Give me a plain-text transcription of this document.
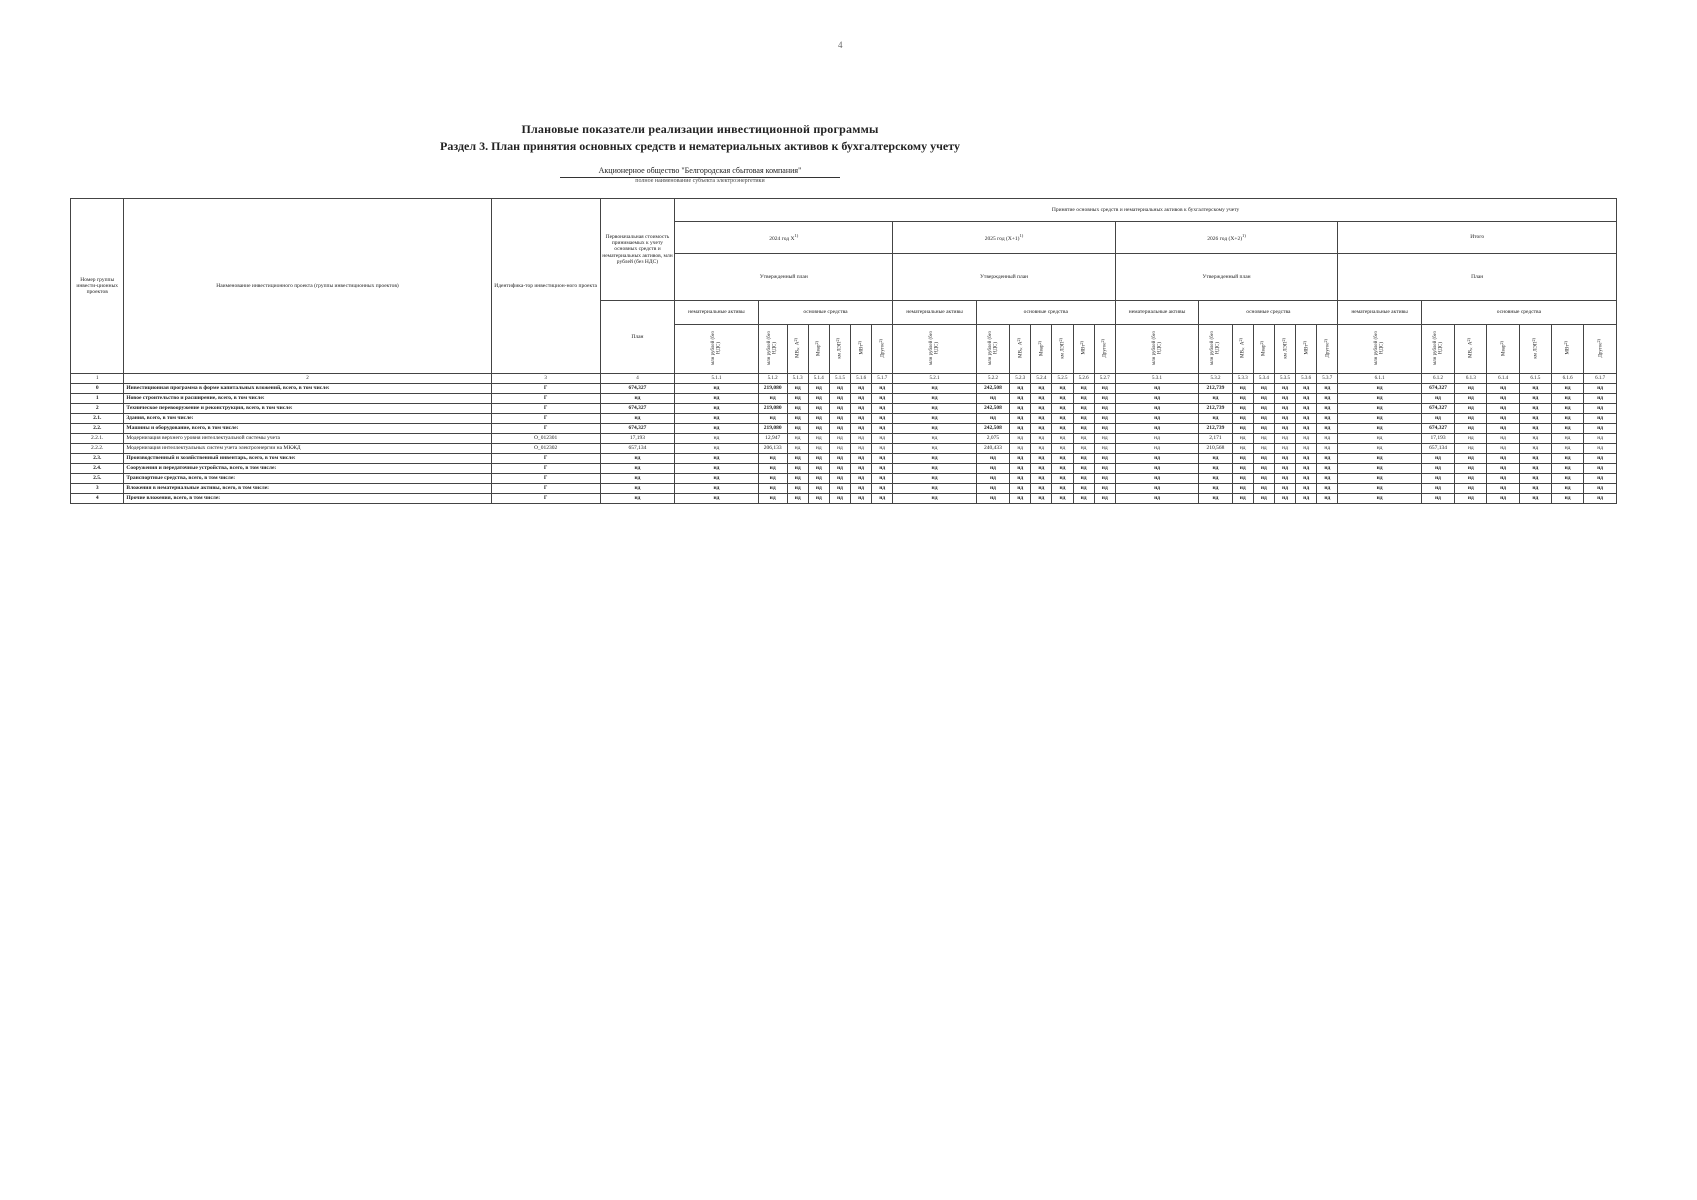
4
Плановые показатели реализации инвестиционной программы
Раздел 3. План принятия основных средств и нематериальных активов к бухгалтерскому учету
Акционерное общество "Белгородская сбытовая компания"
полное наименование субъекта электроэнергетики
Номер группы инвести-ционных проектов	Наименование инвестиционного проекта (группы инвестиционных проектов)	Идентифика-тор инвестицион-ного проекта	Первоначальная стоимость принимаемых к учету основных средств и нематериальных активов, млн рублей (без НДС)	Принятие основных средств и нематериальных активов к бухгалтерскому учету																											
				2024 год $X^{1)}$							2025 год $(X+1)^{1)}$							2026 год $(X+2)^{1)}$							Итого						
				Утвержденный план							Утвержденный план							Утвержденный план							План						
			План	нематериальные активы	основные средства						нематериальные активы	основные средства						нематериальные активы	основные средства						нематериальные активы	основные средства					
				млн рублей (без НДС)	млн рублей (без НДС)	$МВ\times А^{2)}$	Мвар$^{2)}$	км ЛЭП$^{2)}$	МВт$^{2)}$	Другое$^{2)}$	млн рублей (без НДС)	млн рублей (без НДС)	$МВ\times А^{2)}$	Мвар$^{2)}$	км ЛЭП$^{2)}$	МВт$^{2)}$	Другое$^{2)}$	млн рублей (без НДС)	млн рублей (без НДС)	$МВ\times А^{2)}$	Мвар$^{2)}$	км ЛЭП$^{2)}$	МВт$^{2)}$	Другое$^{2)}$	млн рублей (без НДС)	млн рублей (без НДС)	$МВ\times А^{2)}$	Мвар$^{2)}$	км ЛЭП$^{2)}$	МВт$^{2)}$	Другое$^{2)}$
1	2	3	4	5.1.1	5.1.2	5.1.3	5.1.4	5.1.5	5.1.6	5.1.7	5.2.1	5.2.2	5.2.3	5.2.4	5.2.5	5.2.6	5.2.7	5.3.1	5.3.2	5.3.3	5.3.4	5.3.5	5.3.6	5.3.7	6.1.1	6.1.2	6.1.3	6.1.4	6.1.5	6.1.6	6.1.7
0	Инвестиционная программа в форме капитальных вложений, всего, в том числе:	Г	674,327	нд	219,080	нд	нд	нд	нд	нд	нд	242,508	нд	нд	нд	нд	нд	нд	212,739	нд	нд	нд	нд	нд	нд	674,327	нд	нд	нд	нд	нд
1	Новое строительство и расширение, всего, в том числе:	Г	нд	нд	нд	нд	нд	нд	нд	нд	нд	нд	нд	нд	нд	нд	нд	нд	нд	нд	нд	нд	нд	нд	нд	нд	нд	нд	нд	нд	нд
2	Техническое перевооружение и реконструкция, всего, в том числе:	Г	674,327	нд	219,080	нд	нд	нд	нд	нд	нд	242,508	нд	нд	нд	нд	нд	нд	212,739	нд	нд	нд	нд	нд	нд	674,327	нд	нд	нд	нд	нд
2.1.	Здания, всего, в том числе:	Г	нд	нд	нд	нд	нд	нд	нд	нд	нд	нд	нд	нд	нд	нд	нд	нд	нд	нд	нд	нд	нд	нд	нд	нд	нд	нд	нд	нд	нд
2.2.	Машины и оборудование, всего, в том числе:	Г	674,327	нд	219,080	нд	нд	нд	нд	нд	нд	242,508	нд	нд	нд	нд	нд	нд	212,739	нд	нд	нд	нд	нд	нд	674,327	нд	нд	нд	нд	нд
2.2.1.	Модернизация верхнего уровня интеллектуальной системы учета	O_012301	17,193	нд	12,947	нд	нд	нд	нд	нд	нд	2,075	нд	нд	нд	нд	нд	нд	2,171	нд	нд	нд	нд	нд	нд	17,193	нд	нд	нд	нд	нд
2.2.2.	Модернизация интеллектуальных систем учета электроэнергии на МКЖД	O_012302	657,134	нд	206,133	нд	нд	нд	нд	нд	нд	240,433	нд	нд	нд	нд	нд	нд	210,568	нд	нд	нд	нд	нд	нд	657,134	нд	нд	нд	нд	нд
2.3.	Производственный и хозяйственный инвентарь, всего, в том числе:	Г	нд	нд	нд	нд	нд	нд	нд	нд	нд	нд	нд	нд	нд	нд	нд	нд	нд	нд	нд	нд	нд	нд	нд	нд	нд	нд	нд	нд	нд
2.4.	Сооружения и передаточные устройства, всего, в том числе:	Г	нд	нд	нд	нд	нд	нд	нд	нд	нд	нд	нд	нд	нд	нд	нд	нд	нд	нд	нд	нд	нд	нд	нд	нд	нд	нд	нд	нд	нд
2.5.	Транспортные средства, всего, в том числе:	Г	нд	нд	нд	нд	нд	нд	нд	нд	нд	нд	нд	нд	нд	нд	нд	нд	нд	нд	нд	нд	нд	нд	нд	нд	нд	нд	нд	нд	нд
3	Вложения в нематериальные активы, всего, в том числе:	Г	нд	нд	нд	нд	нд	нд	нд	нд	нд	нд	нд	нд	нд	нд	нд	нд	нд	нд	нд	нд	нд	нд	нд	нд	нд	нд	нд	нд	нд
4	Прочие вложения, всего, в том числе:	Г	нд	нд	нд	нд	нд	нд	нд	нд	нд	нд	нд	нд	нд	нд	нд	нд	нд	нд	нд	нд	нд	нд	нд	нд	нд	нд	нд	нд	нд
